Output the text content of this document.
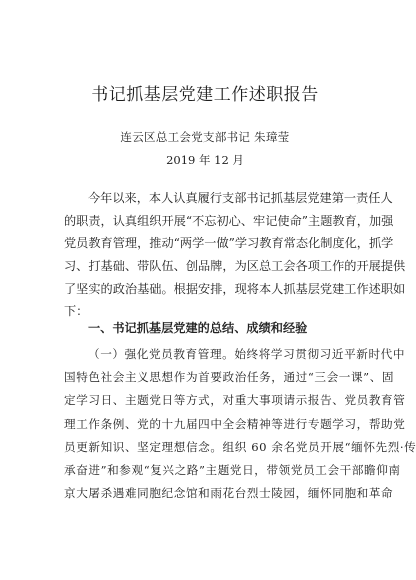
书记抓基层党建工作述职报告
连云区总工会党支部书记 朱璋莹
2019 年 12 月
今年以来，本人认真履行支部书记抓基层党建第一责任人
的职责，认真组织开展“不忘初心、牢记使命”主题教育，加强
党员教育管理，推动“两学一做”学习教育常态化制度化，抓学
习、打基础、带队伍、创品牌，为区总工会各项工作的开展提供
了坚实的政治基础。根据安排，现将本人抓基层党建工作述职如
下：
一、书记抓基层党建的总结、成绩和经验
（一）强化党员教育管理。始终将学习贯彻习近平新时代中
国特色社会主义思想作为首要政治任务，通过“三会一课”、固
定学习日、主题党日等方式，对重大事项请示报告、党员教育管
理工作条例、党的十九届四中全会精神等进行专题学习，帮助党
员更新知识、坚定理想信念。组织 60 余名党员开展“缅怀先烈·传
承奋进”和参观“复兴之路”主题党日，带领党员工会干部瞻仰南
京大屠杀遇难同胞纪念馆和雨花台烈士陵园，缅怀同胞和革命
